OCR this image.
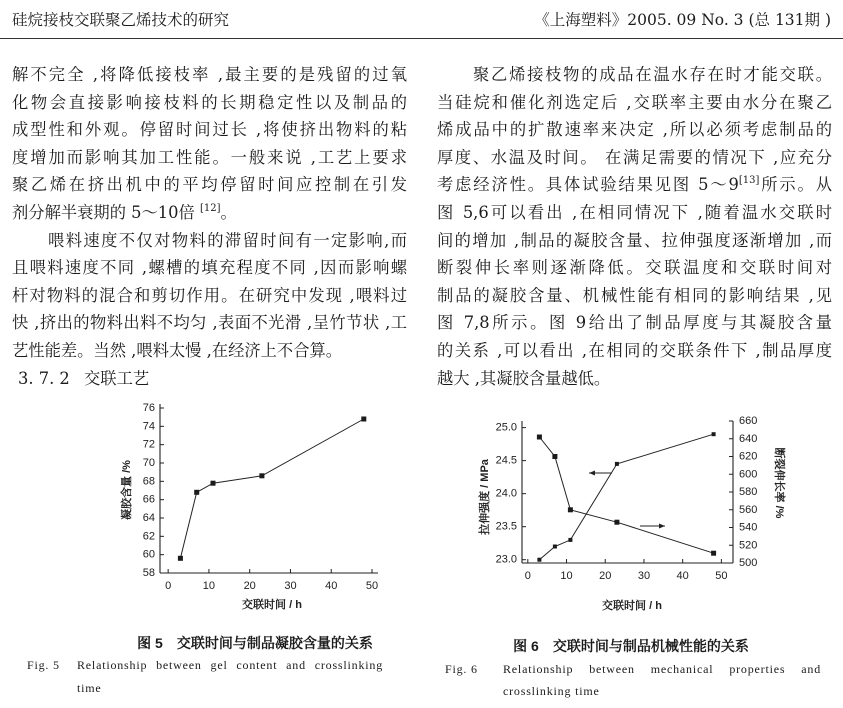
硅烷接枝交联聚乙烯技术的研究	《上海塑料》2005. 09 No. 3 (总 131期 )
解不完全 ,将降低接枝率 ,最主要的是残留的过氧
化物会直接影响接枝料的长期稳定性以及制品的
成型性和外观。停留时间过长 ,将使挤出物料的粘
度增加而影响其加工性能。一般来说 ,工艺上要求
聚乙烯在挤出机中的平均停留时间应控制在引发
剂分解半衰期的 5～10倍 [12]。
喂料速度不仅对物料的滞留时间有一定影响,而
且喂料速度不同 ,螺槽的填充程度不同 ,因而影响螺
杆对物料的混合和剪切作用。在研究中发现 ,喂料过
快 ,挤出的物料出料不均匀 ,表面不光滑 ,呈竹节状 ,工
艺性能差。当然 ,喂料太慢 ,在经济上不合算。
3. 7. 2 交联工艺
聚乙烯接枝物的成品在温水存在时才能交联。
当硅烷和催化剂选定后 ,交联率主要由水分在聚乙
烯成品中的扩散速率来决定 ,所以必须考虑制品的
厚度、水温及时间。 在满足需要的情况下 ,应充分
考虑经济性。具体试验结果见图 5～9[13]所示。从
图 5,6可以看出 ,在相同情况下 ,随着温水交联时
间的增加 ,制品的凝胶含量、拉伸强度逐渐增加 ,而
断裂伸长率则逐渐降低。交联温度和交联时间对
制品的凝胶含量、机械性能有相同的影响结果 ,见
图 7,8所示。图 9给出了制品厚度与其凝胶含量
的关系 ,可以看出 ,在相同的交联条件下 ,制品厚度
越大 ,其凝胶含量越低。
0	10	20	30	40	50
58
60
62
64
66
68
70
72
74
76
交联时间 / h
凝胶含量 /%
0	10 20 30 40 50
23.0
23.5
24.0
24.5
25.0
500
520
540
560
580
600
620
640
660
交联时间 / h
拉伸强度 / MPa	断裂伸长率 /%
图 5 交联时间与制品凝胶含量的关系
Fig. 5 Relationship between gel content and crosslinking
time
图 6 交联时间与制品机械性能的关系
Fig. 6 Relationship between mechanical properties and
crosslinking time
